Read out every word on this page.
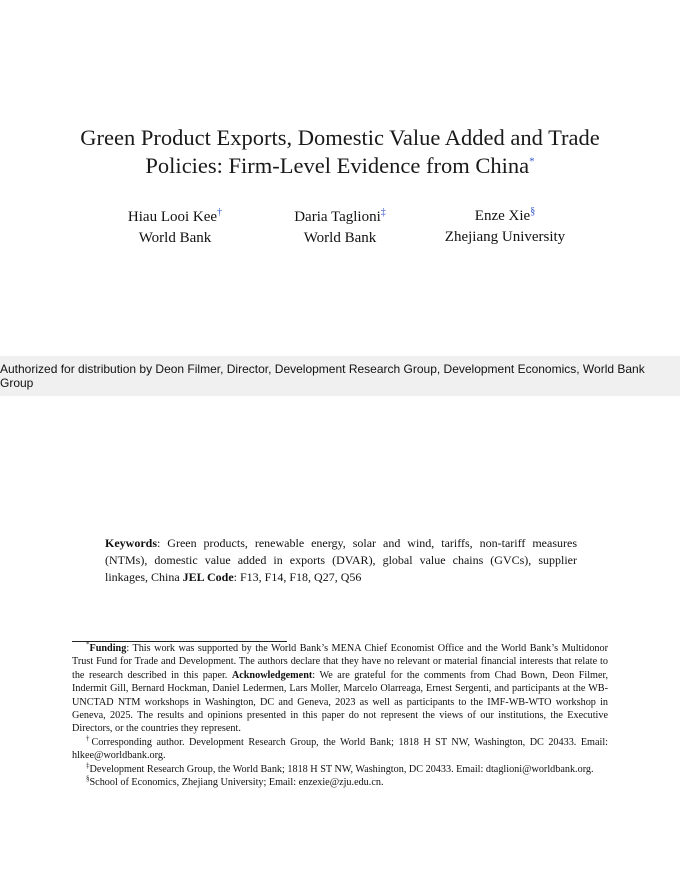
Green Product Exports, Domestic Value Added and Trade
Policies: Firm-Level Evidence from China*
Hiau Looi Kee†
World Bank
Daria Taglioni‡
World Bank
Enze Xie§
Zhejiang University
Authorized for distribution by Deon Filmer, Director, Development Research Group, Development Economics, World Bank Group
Keywords: Green products, renewable energy, solar and wind, tariffs, non-tariff measures (NTMs), domestic value added in exports (DVAR), global value chains (GVCs), supplier linkages, China JEL Code: F13, F14, F18, Q27, Q56

*Funding: This work was supported by the World Bank’s MENA Chief Economist Office and the World Bank’s Multidonor Trust Fund for Trade and Development. The authors declare that they have no relevant or material financial interests that relate to the research described in this paper. Acknowledgement: We are grateful for the comments from Chad Bown, Deon Filmer, Indermit Gill, Bernard Hockman, Daniel Ledermen, Lars Moller, Marcelo Olarreaga, Ernest Sergenti, and participants at the WB-UNCTAD NTM workshops in Washington, DC and Geneva, 2023 as well as participants to the IMF-WB-WTO workshop in Geneva, 2025. The results and opinions presented in this paper do not represent the views of our institutions, the Executive Directors, or the countries they represent.

†Corresponding author. Development Research Group, the World Bank; 1818 H ST NW, Washington, DC 20433. Email: hlkee@worldbank.org.

‡Development Research Group, the World Bank; 1818 H ST NW, Washington, DC 20433. Email: dtaglioni@worldbank.org.

§School of Economics, Zhejiang University; Email: enzexie@zju.edu.cn.
